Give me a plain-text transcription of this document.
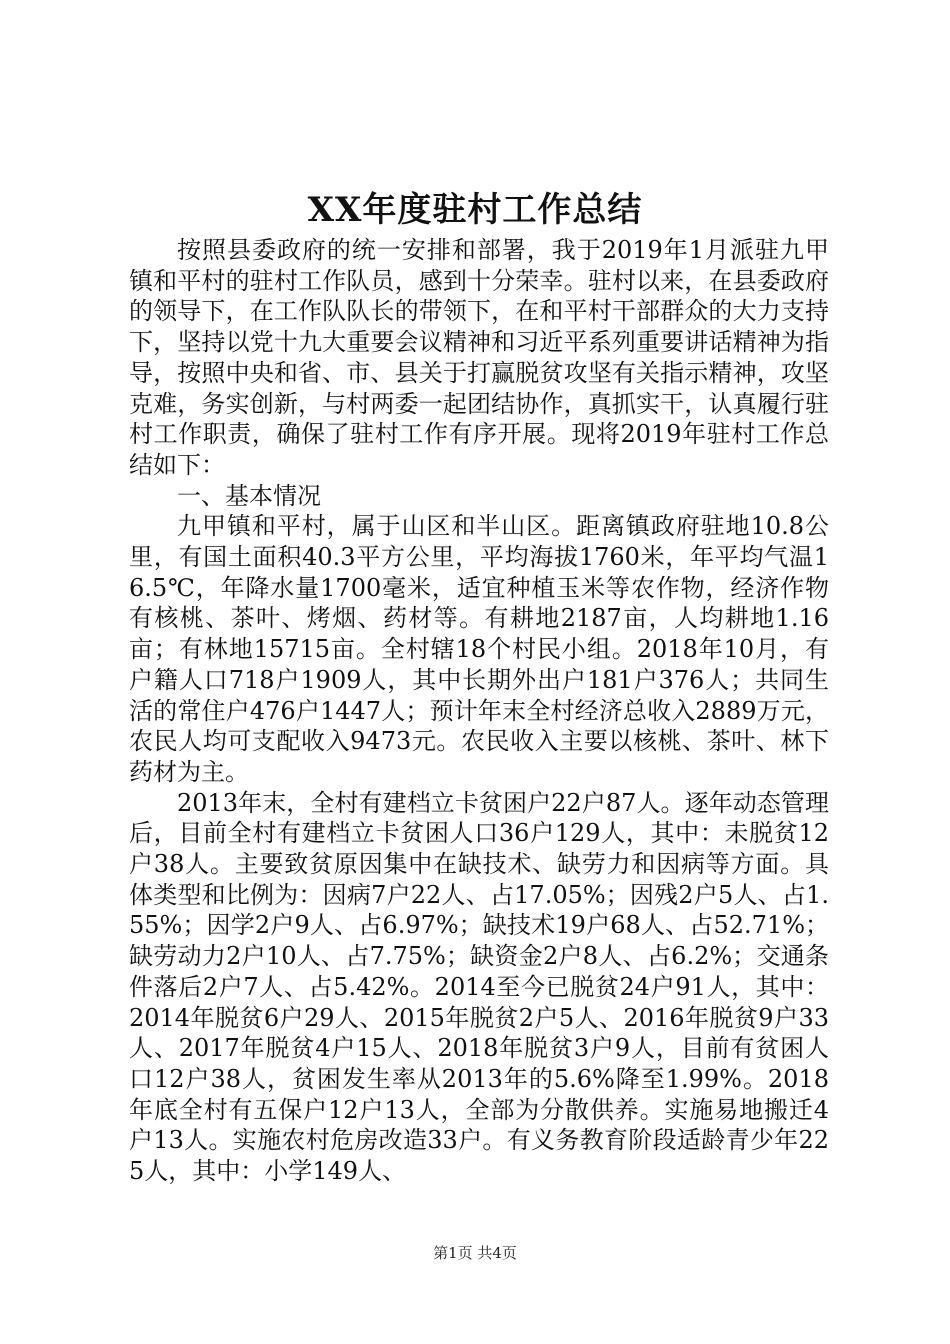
XX年度驻村工作总结

按照县委政府的统一安排和部署，我于2019年1月派驻九甲镇和平村的驻村工作队员，感到十分荣幸。驻村以来，在县委政府的领导下，在工作队队长的带领下，在和平村干部群众的大力支持下，坚持以党十九大重要会议精神和习近平系列重要讲话精神为指导，按照中央和省、市、县关于打赢脱贫攻坚有关指示精神，攻坚克难，务实创新，与村两委一起团结协作，真抓实干，认真履行驻村工作职责，确保了驻村工作有序开展。现将2019年驻村工作总结如下：

一、基本情况

九甲镇和平村，属于山区和半山区。距离镇政府驻地10.8公里，有国土面积40.3平方公里，平均海拔1760米，年平均气温16.5℃，年降水量1700毫米，适宜种植玉米等农作物，经济作物有核桃、茶叶、烤烟、药材等。有耕地2187亩，人均耕地1.16亩；有林地15715亩。全村辖18个村民小组。2018年10月，有户籍人口718户1909人，其中长期外出户181户376人；共同生活的常住户476户1447人；预计年末全村经济总收入2889万元，农民人均可支配收入9473元。农民收入主要以核桃、茶叶、林下药材为主。

2013年末，全村有建档立卡贫困户22户87人。逐年动态管理后，目前全村有建档立卡贫困人口36户129人，其中：未脱贫12户38人。主要致贫原因集中在缺技术、缺劳力和因病等方面。具体类型和比例为：因病7户22人、占17.05%；因残2户5人、占1.55%；因学2户9人、占6.97%；缺技术19户68人、占52.71%；缺劳动力2户10人、占7.75%；缺资金2户8人、占6.2%；交通条件落后2户7人、占5.42%。2014至今已脱贫24户91人，其中：2014年脱贫6户29人、2015年脱贫2户5人、2016年脱贫9户33人、2017年脱贫4户15人、2018年脱贫3户9人，目前有贫困人口12户38人，贫困发生率从2013年的5.6%降至1.99%。2018年底全村有五保户12户13人，全部为分散供养。实施易地搬迁4户13人。实施农村危房改造33户。有义务教育阶段适龄青少年225人，其中：小学149人、

第1页 共4页
